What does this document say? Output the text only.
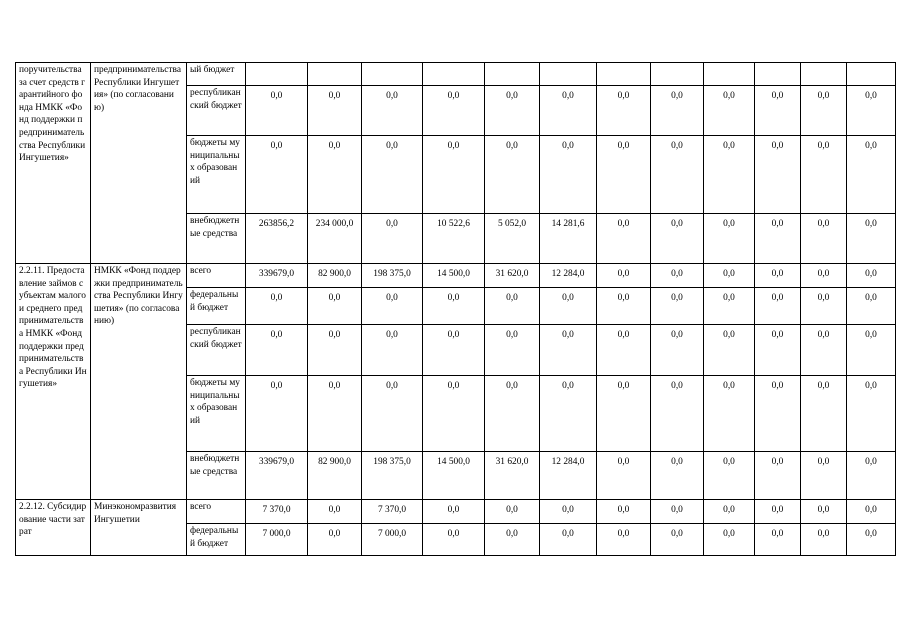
поручительства за счет средств гарантийного фонда НМКК «Фонд поддержки предпринимательства Республики Ингушетия»	предпринимательства Республики Ингушетия» (по согласованию)	ый бюджет												
		республиканский бюджет	0,0	0,0	0,0	0,0	0,0	0,0	0,0	0,0	0,0	0,0	0,0	0,0
		бюджеты муниципальных образований	0,0	0,0	0,0	0,0	0,0	0,0	0,0	0,0	0,0	0,0	0,0	0,0
		внебюджетные средства	263856,2	234 000,0	0,0	10 522,6	5 052,0	14 281,6	0,0	0,0	0,0	0,0	0,0	0,0
2.2.11. Предоставление займов субъектам малого и среднего предпринимательства НМКК «Фонд поддержки предпринимательства Республики Ингушетия»	НМКК «Фонд поддержки предпринимательства Республики Ингушетия» (по согласованию)	всего	339679,0	82 900,0	198 375,0	14 500,0	31 620,0	12 284,0	0,0	0,0	0,0	0,0	0,0	0,0
		федеральный бюджет	0,0	0,0	0,0	0,0	0,0	0,0	0,0	0,0	0,0	0,0	0,0	0,0
		республиканский бюджет	0,0	0,0	0,0	0,0	0,0	0,0	0,0	0,0	0,0	0,0	0,0	0,0
		бюджеты муниципальных образований	0,0	0,0	0,0	0,0	0,0	0,0	0,0	0,0	0,0	0,0	0,0	0,0
		внебюджетные средства	339679,0	82 900,0	198 375,0	14 500,0	31 620,0	12 284,0	0,0	0,0	0,0	0,0	0,0	0,0
2.2.12. Субсидирование части затрат	Минэкономразвития Ингушетии	всего	7 370,0	0,0	7 370,0	0,0	0,0	0,0	0,0	0,0	0,0	0,0	0,0	0,0
		федеральный бюджет	7 000,0	0,0	7 000,0	0,0	0,0	0,0	0,0	0,0	0,0	0,0	0,0	0,0
